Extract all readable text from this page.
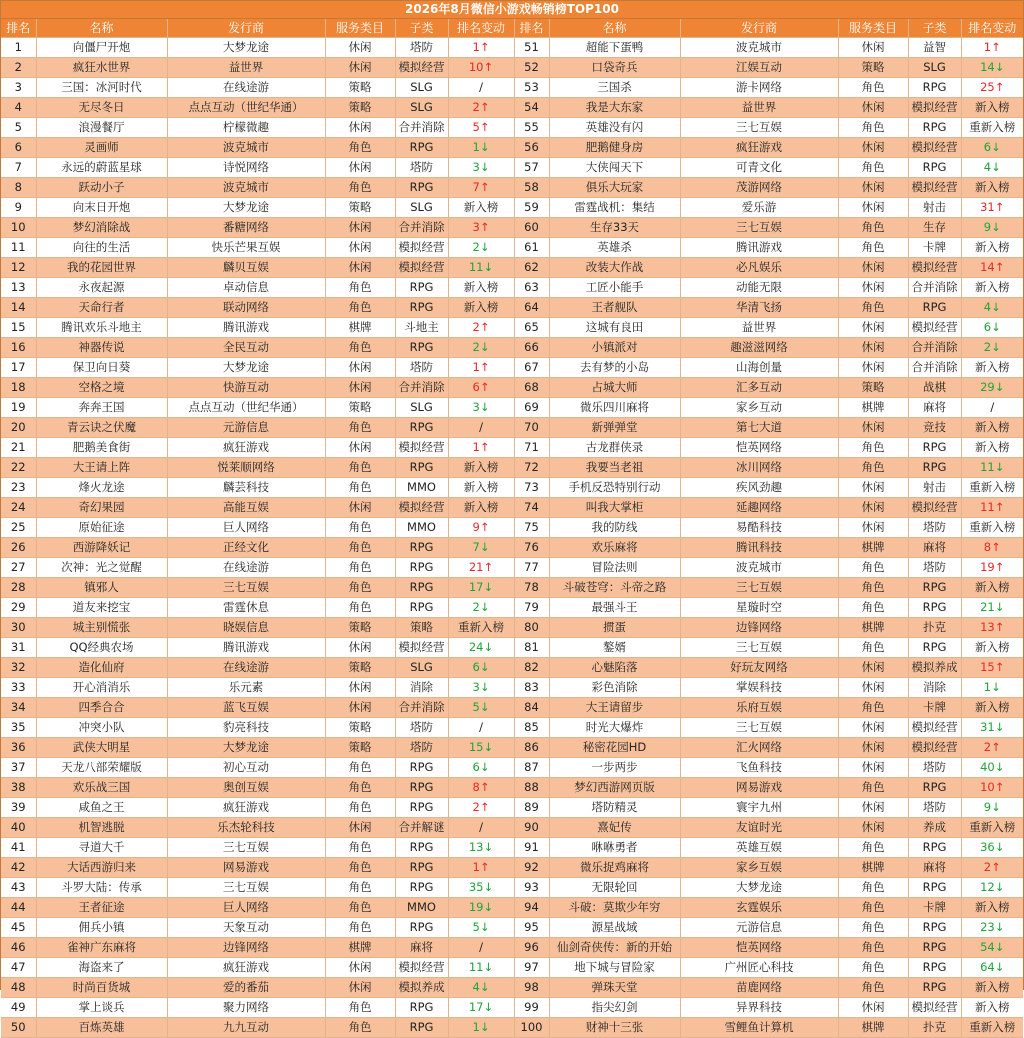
2026年8月微信小游戏畅销榜TOP100
排名	名称	发行商	服务类目	子类	排名变动	排名	名称	发行商	服务类目	子类	排名变动
1	向僵尸开炮	大梦龙途	休闲	塔防	1↑	51	超能下蛋鸭	波克城市	休闲	益智	1↑
2	疯狂水世界	益世界	休闲	模拟经营	10↑	52	口袋奇兵	江娱互动	策略	SLG	14↓
3	三国：冰河时代	在线途游	策略	SLG	/	53	三国杀	游卡网络	角色	RPG	25↑
4	无尽冬日	点点互动（世纪华通）	策略	SLG	2↑	54	我是大东家	益世界	休闲	模拟经营	新入榜
5	浪漫餐厅	柠檬微趣	休闲	合并消除	5↑	55	英雄没有闪	三七互娱	角色	RPG	重新入榜
6	灵画师	波克城市	角色	RPG	1↓	56	肥鹅健身房	疯狂游戏	休闲	模拟经营	6↓
7	永远的蔚蓝星球	诗悦网络	休闲	塔防	3↓	57	大侠闯天下	可青文化	角色	RPG	4↓
8	跃动小子	波克城市	角色	RPG	7↑	58	俱乐大玩家	茂游网络	休闲	模拟经营	新入榜
9	向末日开炮	大梦龙途	策略	SLG	新入榜	59	雷霆战机：集结	爱乐游	休闲	射击	31↑
10	梦幻消除战	番糖网络	休闲	合并消除	3↑	60	生存33天	三七互娱	角色	生存	9↓
11	向往的生活	快乐芒果互娱	休闲	模拟经营	2↓	61	英雄杀	腾讯游戏	角色	卡牌	新入榜
12	我的花园世界	麟贝互娱	休闲	模拟经营	11↓	62	改装大作战	必凡娱乐	休闲	模拟经营	14↑
13	永夜起源	卓动信息	角色	RPG	新入榜	63	工匠小能手	动能无限	休闲	合并消除	新入榜
14	天命行者	联动网络	角色	RPG	新入榜	64	王者舰队	华清飞扬	角色	RPG	4↓
15	腾讯欢乐斗地主	腾讯游戏	棋牌	斗地主	2↑	65	这城有良田	益世界	休闲	模拟经营	6↓
16	神器传说	全民互动	角色	RPG	2↓	66	小镇派对	趣滋滋网络	休闲	合并消除	2↓
17	保卫向日葵	大梦龙途	休闲	塔防	1↑	67	去有梦的小岛	山海创量	休闲	合并消除	新入榜
18	空格之境	快游互动	休闲	合并消除	6↑	68	占城大师	汇多互动	策略	战棋	29↓
19	奔奔王国	点点互动（世纪华通）	策略	SLG	3↓	69	微乐四川麻将	家乡互动	棋牌	麻将	/
20	青云诀之伏魔	元游信息	角色	RPG	/	70	新弹弹堂	第七大道	休闲	竞技	新入榜
21	肥鹅美食街	疯狂游戏	休闲	模拟经营	1↑	71	古龙群侠录	恺英网络	角色	RPG	新入榜
22	大王请上阵	悦莱顺网络	角色	RPG	新入榜	72	我要当老祖	冰川网络	角色	RPG	11↓
23	烽火龙途	麟芸科技	角色	MMO	新入榜	73	手机反恐特别行动	疾风劲趣	休闲	射击	重新入榜
24	奇幻果园	高能互娱	休闲	模拟经营	新入榜	74	叫我大掌柜	延趣网络	休闲	模拟经营	11↑
25	原始征途	巨人网络	角色	MMO	9↑	75	我的防线	易酷科技	休闲	塔防	重新入榜
26	西游降妖记	正经文化	角色	RPG	7↓	76	欢乐麻将	腾讯科技	棋牌	麻将	8↑
27	次神：光之觉醒	在线途游	角色	RPG	21↑	77	冒险法则	波克城市	角色	塔防	19↑
28	镇邪人	三七互娱	角色	RPG	17↓	78	斗破苍穹：斗帝之路	三七互娱	角色	RPG	新入榜
29	道友来挖宝	雷霆休息	角色	RPG	2↓	79	最强斗王	星璇时空	角色	RPG	21↓
30	城主别慌张	晓娱信息	策略	策略	重新入榜	80	掼蛋	边锋网络	棋牌	扑克	13↑
31	QQ经典农场	腾讯游戏	休闲	模拟经营	24↓	81	鏊婿	三七互娱	角色	RPG	新入榜
32	造化仙府	在线途游	策略	SLG	6↓	82	心魅陷落	好玩友网络	休闲	模拟养成	15↑
33	开心消消乐	乐元素	休闲	消除	3↓	83	彩色消除	掌娱科技	休闲	消除	1↓
34	四季合合	蓝飞互娱	休闲	合并消除	5↓	84	大王请留步	乐府互娱	角色	卡牌	新入榜
35	冲突小队	豹亮科技	策略	塔防	/	85	时光大爆炸	三七互娱	休闲	模拟经营	31↓
36	武侠大明星	大梦龙途	策略	塔防	15↓	86	秘密花园HD	汇火网络	休闲	模拟经营	2↑
37	天龙八部荣耀版	初心互动	角色	RPG	6↓	87	一步两步	飞鱼科技	休闲	塔防	40↓
38	欢乐战三国	奥创互娱	角色	RPG	8↑	88	梦幻西游网页版	网易游戏	角色	RPG	10↑
39	咸鱼之王	疯狂游戏	角色	RPG	2↑	89	塔防精灵	寰宇九州	休闲	塔防	9↓
40	机智逃脱	乐杰轮科技	休闲	合并解谜	/	90	熹妃传	友谊时光	休闲	养成	重新入榜
41	寻道大千	三七互娱	角色	RPG	13↓	91	咻咻勇者	英雄互娱	角色	RPG	36↓
42	大话西游归来	网易游戏	角色	RPG	1↑	92	微乐捉鸡麻将	家乡互娱	棋牌	麻将	2↑
43	斗罗大陆：传承	三七互娱	角色	RPG	35↓	93	无限轮回	大梦龙途	角色	RPG	12↓
44	王者征途	巨人网络	角色	MMO	19↓	94	斗破：莫欺少年穷	玄霆娱乐	角色	卡牌	新入榜
45	佣兵小镇	天象互动	角色	RPG	5↓	95	源星战域	元游信息	角色	RPG	23↓
46	雀神广东麻将	边锋网络	棋牌	麻将	/	96	仙剑奇侠传：新的开始	恺英网络	角色	RPG	54↓
47	海盗来了	疯狂游戏	休闲	模拟经营	11↓	97	地下城与冒险家	广州匠心科技	角色	RPG	64↓
48	时尚百货城	爱的番茄	休闲	模拟养成	4↓	98	弹珠天堂	苗鹿网络	角色	RPG	新入榜
49	掌上谈兵	聚力网络	角色	RPG	17↓	99	指尖幻剑	异界科技	休闲	模拟经营	新入榜
50	百炼英雄	九九互动	角色	RPG	1↓	100	财神十三张	雪鲤鱼计算机	棋牌	扑克	重新入榜
